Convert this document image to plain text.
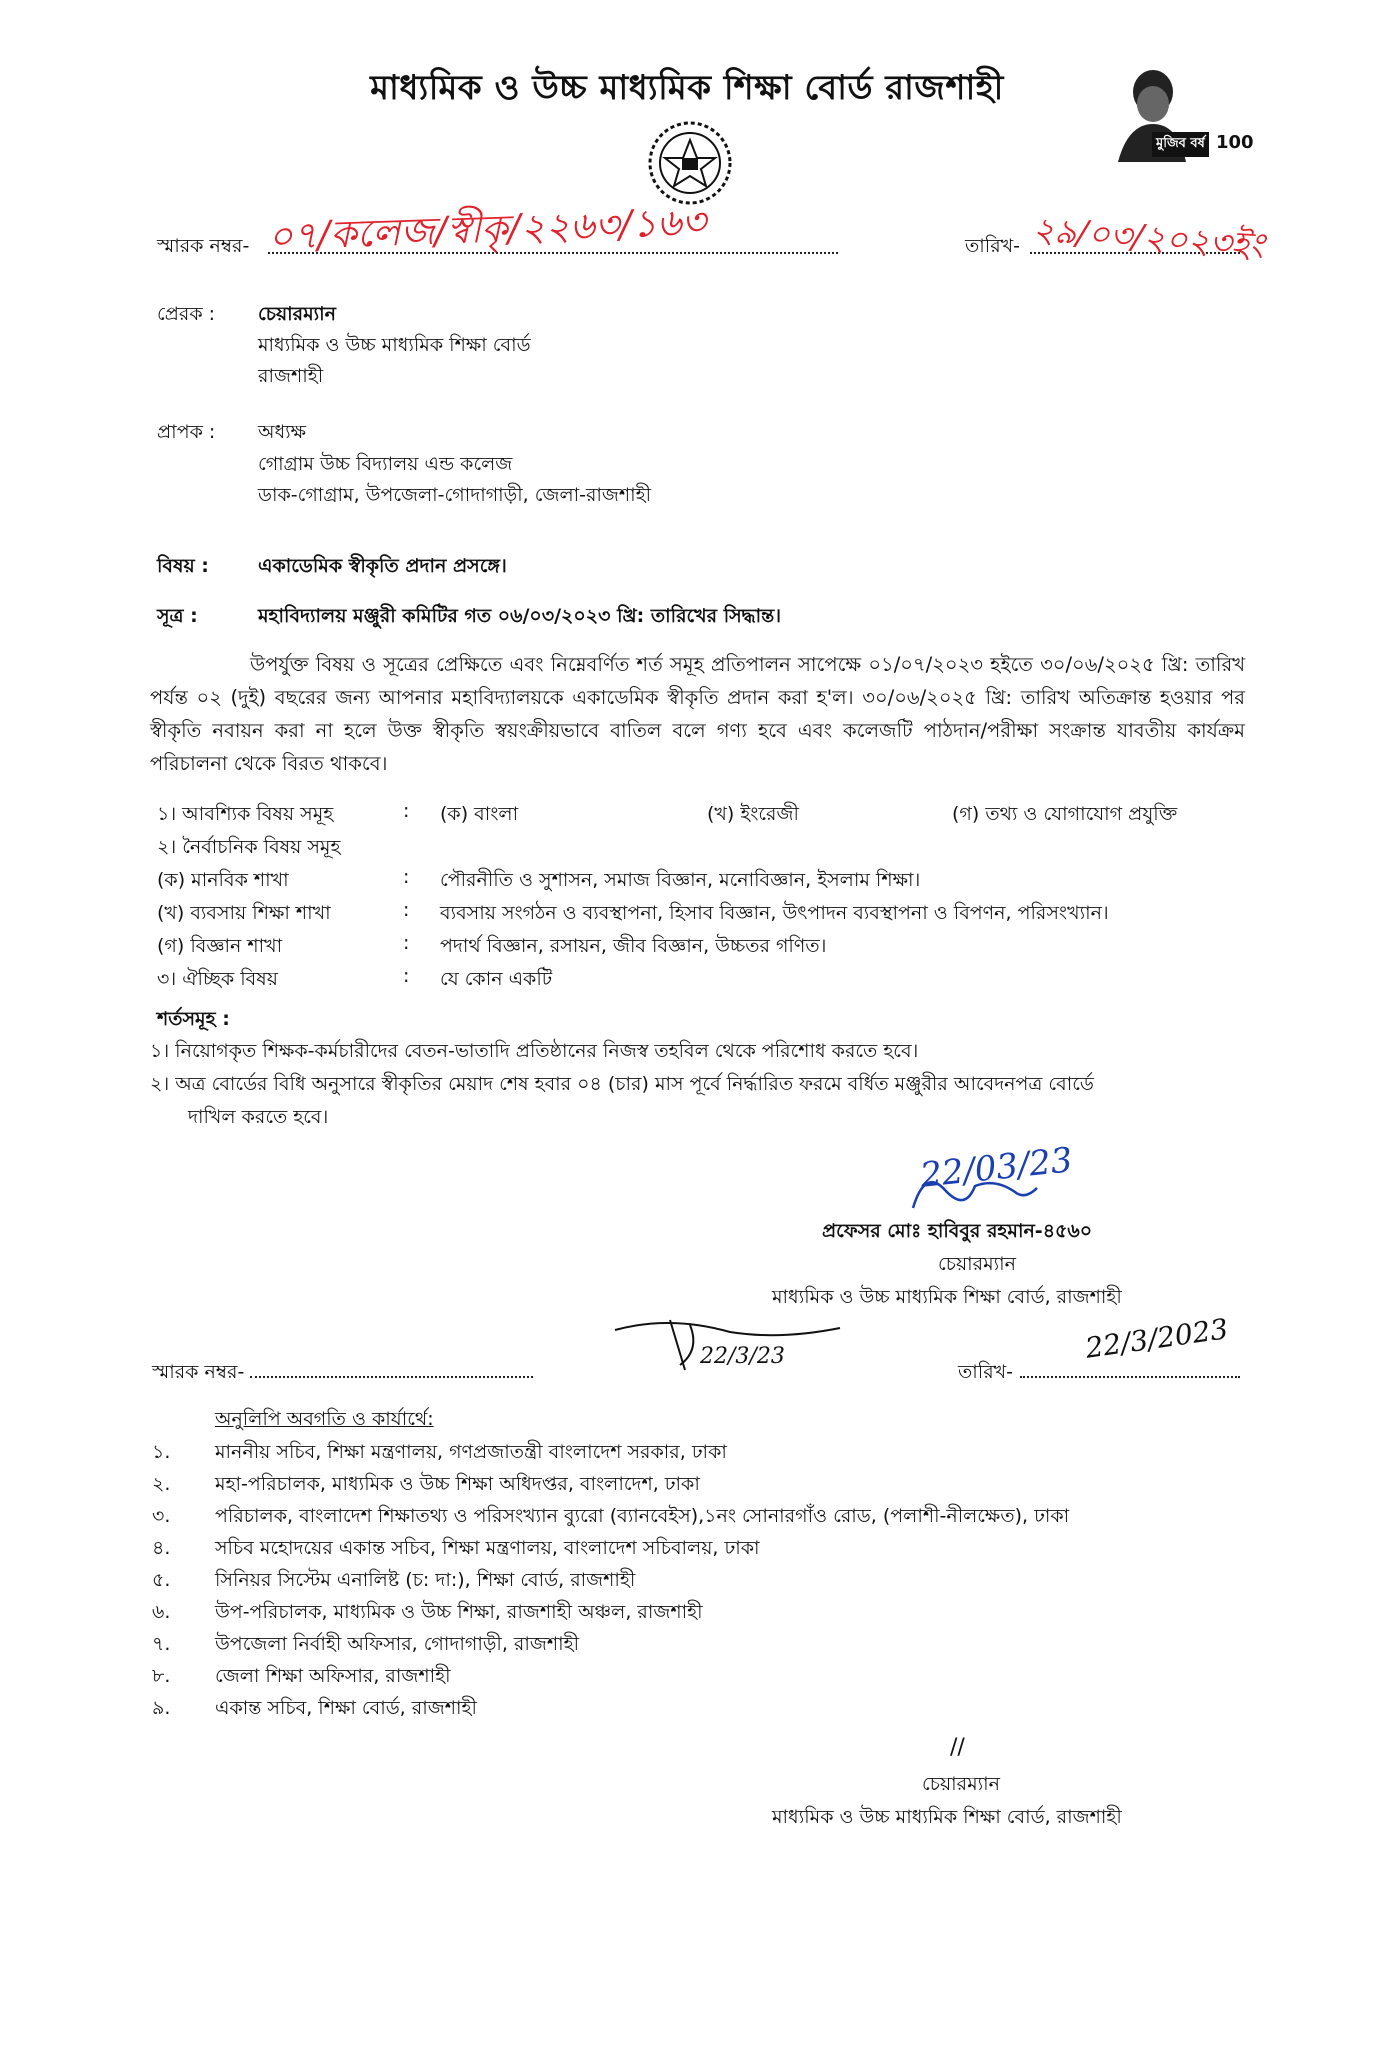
মাধ্যমিক ও উচ্চ মাধ্যমিক শিক্ষা বোর্ড রাজশাহী
মুজিব বর্ষ 100
স্মারক নম্বর- ০৭/কলেজ/স্বীকৃ/২২৬৩/১৬৩	তারিখ- ২৯/০৩/২০২৩ইং
প্রেরক : চেয়ারম্যান
মাধ্যমিক ও উচ্চ মাধ্যমিক শিক্ষা বোর্ড
রাজশাহী
প্রাপক : অধ্যক্ষ
গোগ্রাম উচ্চ বিদ্যালয় এন্ড কলেজ
ডাক-গোগ্রাম, উপজেলা-গোদাগাড়ী, জেলা-রাজশাহী
বিষয় :	একাডেমিক স্বীকৃতি প্রদান প্রসঙ্গে।
সূত্র :	মহাবিদ্যালয় মঞ্জুরী কমিটির গত ০৬/০৩/২০২৩ খ্রি: তারিখের সিদ্ধান্ত।
উপর্যুক্ত বিষয় ও সূত্রের প্রেক্ষিতে এবং নিম্নেবর্ণিত শর্ত সমূহ প্রতিপালন সাপেক্ষে ০১/০৭/২০২৩ হইতে ৩০/০৬/২০২৫ খ্রি: তারিখ পর্যন্ত ০২ (দুই) বছরের জন্য আপনার মহাবিদ্যালয়কে একাডেমিক স্বীকৃতি প্রদান করা হ'ল। ৩০/০৬/২০২৫ খ্রি: তারিখ অতিক্রান্ত হওয়ার পর স্বীকৃতি নবায়ন করা না হলে উক্ত স্বীকৃতি স্বয়ংক্রীয়ভাবে বাতিল বলে গণ্য হবে এবং কলেজটি পাঠদান/পরীক্ষা সংক্রান্ত যাবতীয় কার্যক্রম পরিচালনা থেকে বিরত থাকবে।
১। আবশ্যিক বিষয় সমূহ	: (ক) বাংলা	(খ) ইংরেজী	(গ) তথ্য ও যোগাযোগ প্রযুক্তি
২। নৈর্বাচনিক বিষয় সমূহ
(ক) মানবিক শাখা	: পৌরনীতি ও সুশাসন, সমাজ বিজ্ঞান, মনোবিজ্ঞান, ইসলাম শিক্ষা।
(খ) ব্যবসায় শিক্ষা শাখা	: ব্যবসায় সংগঠন ও ব্যবস্থাপনা, হিসাব বিজ্ঞান, উৎপাদন ব্যবস্থাপনা ও বিপণন, পরিসংখ্যান।
(গ) বিজ্ঞান শাখা	: পদার্থ বিজ্ঞান, রসায়ন, জীব বিজ্ঞান, উচ্চতর গণিত।
৩। ঐচ্ছিক বিষয়	: যে কোন একটি
শর্তসমূহ :
১। নিয়োগকৃত শিক্ষক-কর্মচারীদের বেতন-ভাতাদি প্রতিষ্ঠানের নিজস্ব তহবিল থেকে পরিশোধ করতে হবে।
২। অত্র বোর্ডের বিধি অনুসারে স্বীকৃতির মেয়াদ শেষ হবার ০৪ (চার) মাস পূর্বে নির্দ্ধারিত ফরমে বর্ধিত মঞ্জুরীর আবেদনপত্র বোর্ডে
দাখিল করতে হবে।
22/03/23
প্রফেসর মোঃ হাবিবুর রহমান-৪৫৬০
চেয়ারম্যান
মাধ্যমিক ও উচ্চ মাধ্যমিক শিক্ষা বোর্ড, রাজশাহী
22/3/23
স্মারক নম্বর-	তারিখ-
22/3/2023
অনুলিপি অবগতি ও কার্যার্থে:
১. মাননীয় সচিব, শিক্ষা মন্ত্রণালয়, গণপ্রজাতন্ত্রী বাংলাদেশ সরকার, ঢাকা
২. মহা-পরিচালক, মাধ্যমিক ও উচ্চ শিক্ষা অধিদপ্তর, বাংলাদেশ, ঢাকা
৩. পরিচালক, বাংলাদেশ শিক্ষাতথ্য ও পরিসংখ্যান ব্যুরো (ব্যানবেইস),১নং সোনারগাঁও রোড, (পলাশী-নীলক্ষেত), ঢাকা
৪. সচিব মহোদয়ের একান্ত সচিব, শিক্ষা মন্ত্রণালয়, বাংলাদেশ সচিবালয়, ঢাকা
৫. সিনিয়র সিস্টেম এনালিষ্ট (চ: দা:), শিক্ষা বোর্ড, রাজশাহী
৬. উপ-পরিচালক, মাধ্যমিক ও উচ্চ শিক্ষা, রাজশাহী অঞ্চল, রাজশাহী
৭. উপজেলা নির্বাহী অফিসার, গোদাগাড়ী, রাজশাহী
৮. জেলা শিক্ষা অফিসার, রাজশাহী
৯. একান্ত সচিব, শিক্ষা বোর্ড, রাজশাহী
//
চেয়ারম্যান
মাধ্যমিক ও উচ্চ মাধ্যমিক শিক্ষা বোর্ড, রাজশাহী
